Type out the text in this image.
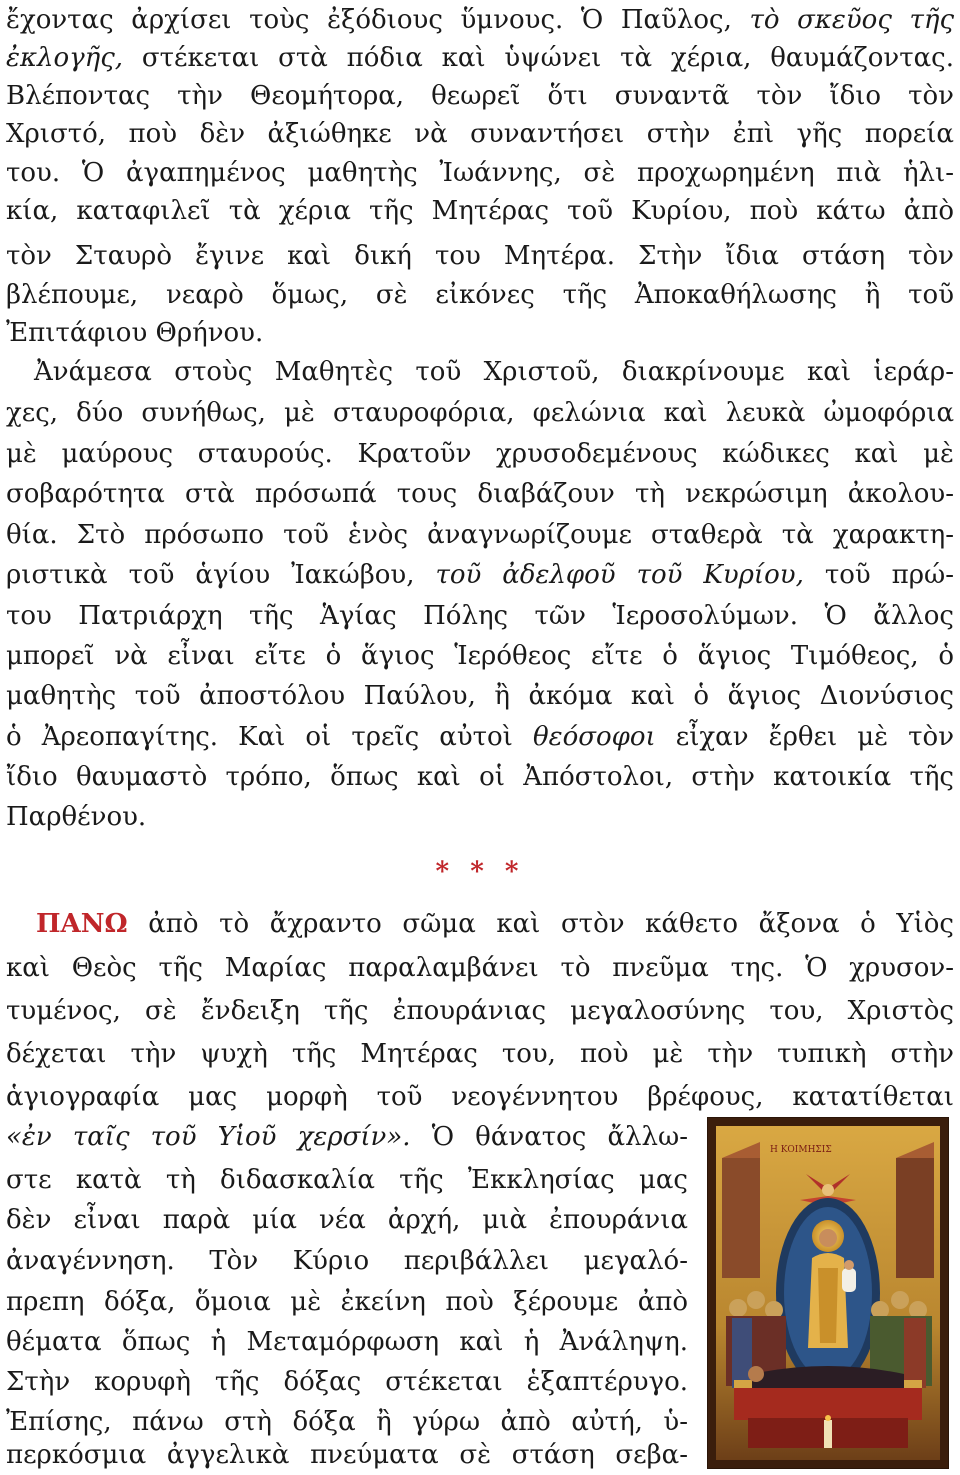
ἔχοντας ἀρχίσει τοὺς ἐξόδιους ὕμνους. Ὁ Παῦλος, τὸ σκεῦος τῆς
ἐκλογῆς, στέκεται στὰ πόδια καὶ ὑψώνει τὰ χέρια, θαυμάζοντας.
Βλέποντας τὴν Θεομήτορα, θεωρεῖ ὅτι συναντᾶ τὸν ἴδιο τὸν
Χριστό, ποὺ δὲν ἀξιώθηκε νὰ συναντήσει στὴν ἐπὶ γῆς πορεία
του. Ὁ ἀγαπημένος μαθητὴς Ἰωάννης, σὲ προχωρημένη πιὰ ἡλι-
κία, καταφιλεῖ τὰ χέρια τῆς Μητέρας τοῦ Κυρίου, ποὺ κάτω ἀπὸ
τὸν Σταυρὸ ἔγινε καὶ δική του Μητέρα. Στὴν ἴδια στάση τὸν
βλέπουμε, νεαρὸ ὅμως, σὲ εἰκόνες τῆς Ἀποκαθήλωσης ἢ τοῦ
Ἐπιτάφιου Θρήνου.
Ἀνάμεσα στοὺς Μαθητὲς τοῦ Χριστοῦ, διακρίνουμε καὶ ἱεράρ-
χες, δύο συνήθως, μὲ σταυροφόρια, φελώνια καὶ λευκὰ ὠμοφόρια
μὲ μαύρους σταυρούς. Κρατοῦν χρυσοδεμένους κώδικες καὶ μὲ
σοβαρότητα στὰ πρόσωπά τους διαβάζουν τὴ νεκρώσιμη ἀκολου-
θία. Στὸ πρόσωπο τοῦ ἑνὸς ἀναγνωρίζουμε σταθερὰ τὰ χαρακτη-
ριστικὰ τοῦ ἁγίου Ἰακώβου, τοῦ ἀδελφοῦ τοῦ Κυρίου, τοῦ πρώ-
του Πατριάρχη τῆς Ἁγίας Πόλης τῶν Ἱεροσολύμων. Ὁ ἄλλος
μπορεῖ νὰ εἶναι εἴτε ὁ ἅγιος Ἱερόθεος εἴτε ὁ ἅγιος Τιμόθεος, ὁ
μαθητὴς τοῦ ἀποστόλου Παύλου, ἢ ἀκόμα καὶ ὁ ἅγιος Διονύσιος
ὁ Ἀρεοπαγίτης. Καὶ οἱ τρεῖς αὐτοὶ θεόσοφοι εἶχαν ἔρθει μὲ τὸν
ἴδιο θαυμαστὸ τρόπο, ὅπως καὶ οἱ Ἀπόστολοι, στὴν κατοικία τῆς
Παρθένου.
* * *
ΠΑΝΩ ἀπὸ τὸ ἄχραντο σῶμα καὶ στὸν κάθετο ἄξονα ὁ Υἱὸς
καὶ Θεὸς τῆς Μαρίας παραλαμβάνει τὸ πνεῦμα της. Ὁ χρυσον-
τυμένος, σὲ ἔνδειξη τῆς ἐπουράνιας μεγαλοσύνης του, Χριστὸς
δέχεται τὴν ψυχὴ τῆς Μητέρας του, ποὺ μὲ τὴν τυπικὴ στὴν
ἁγιογραφία μας μορφὴ τοῦ νεογέννητου βρέφους, κατατίθεται
«ἐν ταῖς τοῦ Υἱοῦ χερσίν». Ὁ θάνατος ἄλλω-
στε κατὰ τὴ διδασκαλία τῆς Ἐκκλησίας μας
δὲν εἶναι παρὰ μία νέα ἀρχή, μιὰ ἐπουράνια
ἀναγέννηση. Τὸν Κύριο περιβάλλει μεγαλό-
πρεπη δόξα, ὅμοια μὲ ἐκείνη ποὺ ξέρουμε ἀπὸ
θέματα ὅπως ἡ Μεταμόρφωση καὶ ἡ Ἀνάληψη.
Στὴν κορυφὴ τῆς δόξας στέκεται ἑξαπτέρυγο.
Ἐπίσης, πάνω στὴ δόξα ἢ γύρω ἀπὸ αὐτή, ὑ-
περκόσμια ἀγγελικὰ πνεύματα σὲ στάση σεβα-
Η ΚΟΙΜΗΣΙΣ
